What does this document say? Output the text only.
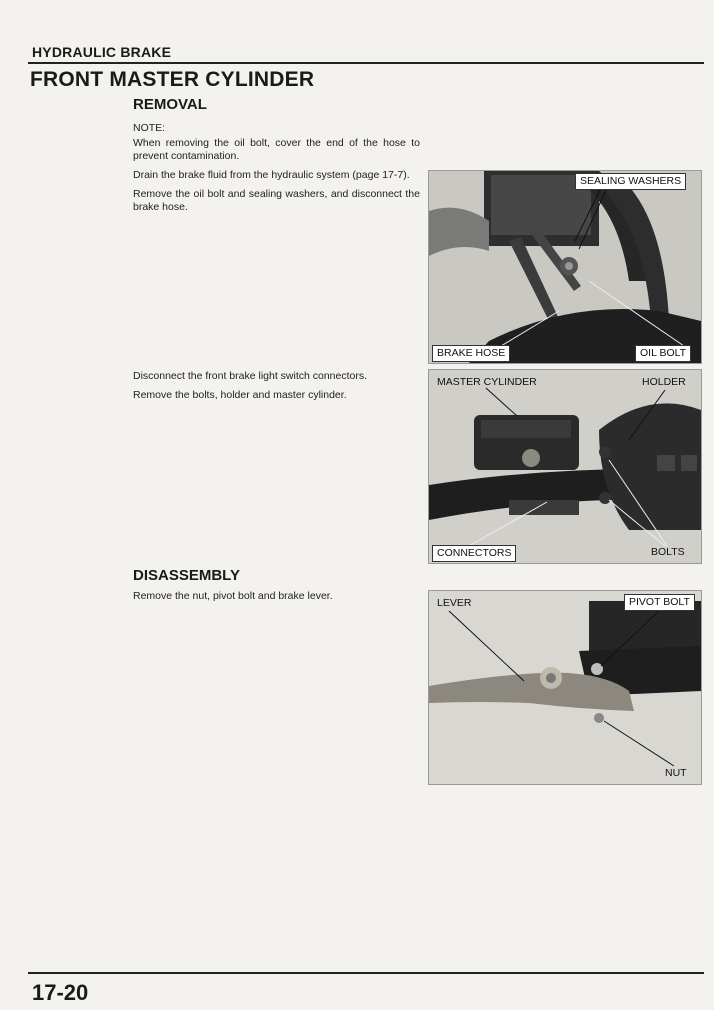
HYDRAULIC BRAKE
FRONT MASTER CYLINDER
REMOVAL

NOTE:

When removing the oil bolt, cover the end of the hose to prevent contamination.

Drain the brake fluid from the hydraulic system (page 17-7).

Remove the oil bolt and sealing washers, and disconnect the brake hose.

Disconnect the front brake light switch connectors.

Remove the bolts, holder and master cylinder.

DISASSEMBLY

Remove the nut, pivot bolt and brake lever.

SEALING WASHERS
BRAKE HOSE	OIL BOLT
MASTER CYLINDER	HOLDER
CONNECTORS	BOLTS
LEVER	PIVOT BOLT
NUT
17-20
